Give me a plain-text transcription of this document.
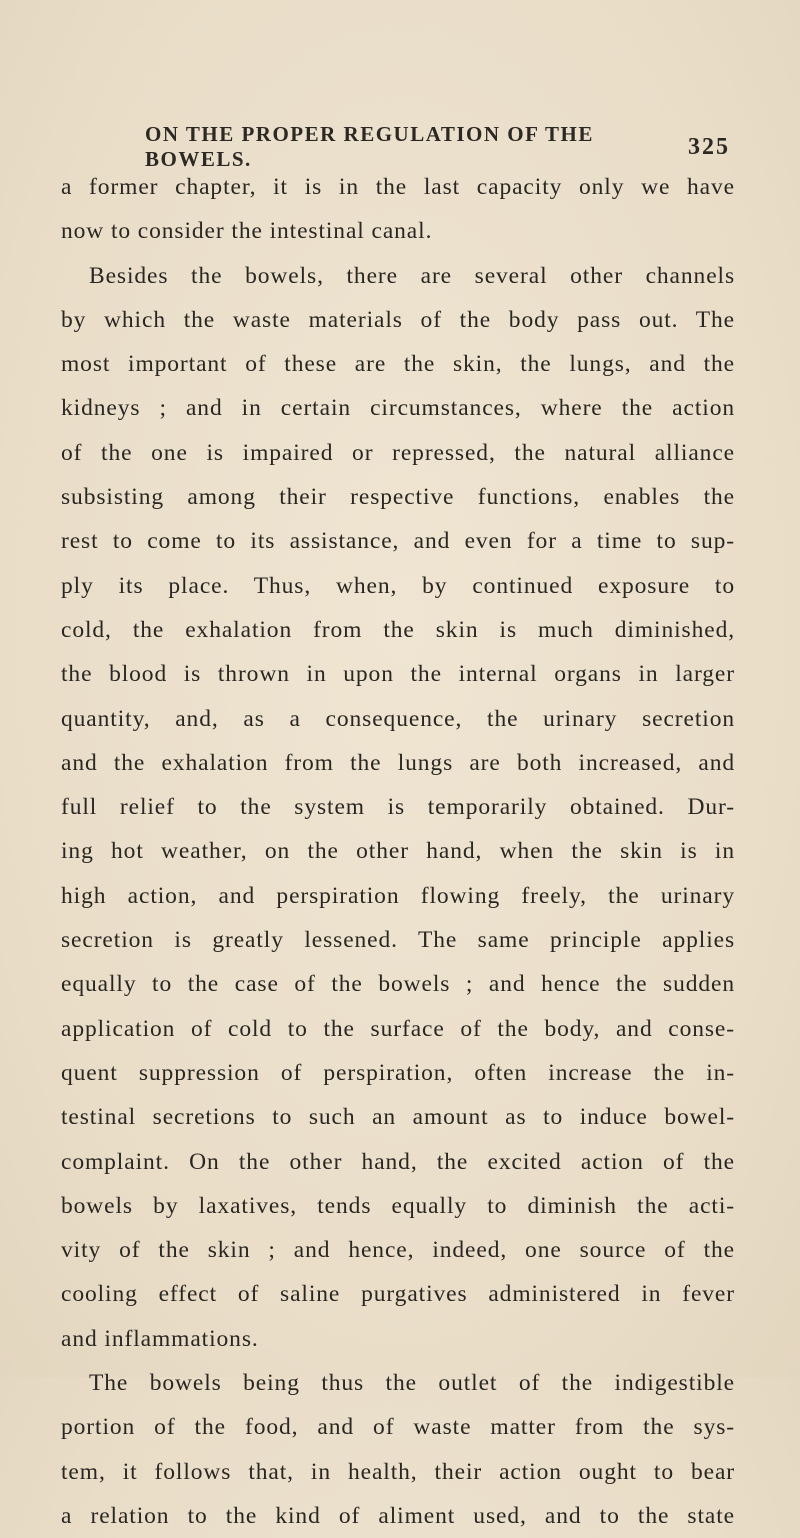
ON THE PROPER REGULATION OF THE BOWELS.	325
a former chapter, it is in the last capacity only we have
now to consider the intestinal canal.
Besides the bowels, there are several other channels
by which the waste materials of the body pass out. The
most important of these are the skin, the lungs, and the
kidneys ; and in certain circumstances, where the action
of the one is impaired or repressed, the natural alliance
subsisting among their respective functions, enables the
rest to come to its assistance, and even for a time to sup-
ply its place. Thus, when, by continued exposure to
cold, the exhalation from the skin is much diminished,
the blood is thrown in upon the internal organs in larger
quantity, and, as a consequence, the urinary secretion
and the exhalation from the lungs are both increased, and
full relief to the system is temporarily obtained. Dur-
ing hot weather, on the other hand, when the skin is in
high action, and perspiration flowing freely, the urinary
secretion is greatly lessened. The same principle applies
equally to the case of the bowels ; and hence the sudden
application of cold to the surface of the body, and conse-
quent suppression of perspiration, often increase the in-
testinal secretions to such an amount as to induce bowel-
complaint. On the other hand, the excited action of the
bowels by laxatives, tends equally to diminish the acti-
vity of the skin ; and hence, indeed, one source of the
cooling effect of saline purgatives administered in fever
and inflammations.
The bowels being thus the outlet of the indigestible
portion of the food, and of waste matter from the sys-
tem, it follows that, in health, their action ought to bear
a relation to the kind of aliment used, and to the state
